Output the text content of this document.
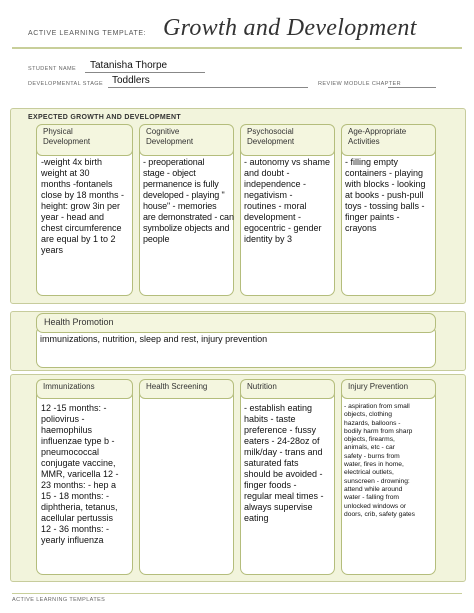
ACTIVE LEARNING TEMPLATE: Growth and Development
STUDENT NAME Tatanisha Thorpe
DEVELOPMENTAL STAGE Toddlers	REVIEW MODULE CHAPTER
EXPECTED GROWTH AND DEVELOPMENT
Physical
Development
-weight 4x birth
weight at 30
months -fontanels
close by 18 months -
height: grow 3in per
year - head and
chest circumference
are equal by 1 to 2
years
Cognitive
Development
- preoperational
stage - object
permanence is fully
developed - playing "
house" - memories
are demonstrated - can
symbolize objects and
people
Psychosocial
Development
- autonomy vs shame
and doubt -
independence -
negativism -
routines - moral
development -
egocentric - gender
identity by 3
Age-Appropriate
Activities
- filling empty
containers - playing
with blocks - looking
at books - push-pull
toys - tossing balls -
finger paints -
crayons
Health Promotion
immunizations, nutrition, sleep and rest, injury prevention
Immunizations
12 -15 months: -
poliovirus -
haemophilus
influenzae type b -
pneumococcal
conjugate vaccine,
MMR, varicella 12 -
23 months: - hep a
15 - 18 months: -
diphtheria, tetanus,
acellular pertussis
12 - 36 months: -
yearly influenza
Health Screening	Nutrition
- establish eating
habits - taste
preference - fussy
eaters - 24-28oz of
milk/day - trans and
saturated fats
should be avoided -
finger foods -
regular meal times -
always supervise
eating
Injury Prevention
- aspiration from small
objects, clothing
hazards, balloons -
bodily harm from sharp
objects, firearms,
animals, etc - car
safety - burns from
water, fires in home,
electrical outlets,
sunscreen - drowning:
attend while around
water - falling from
unlocked windows or
doors, crib, safety gates
ACTIVE LEARNING TEMPLATES
